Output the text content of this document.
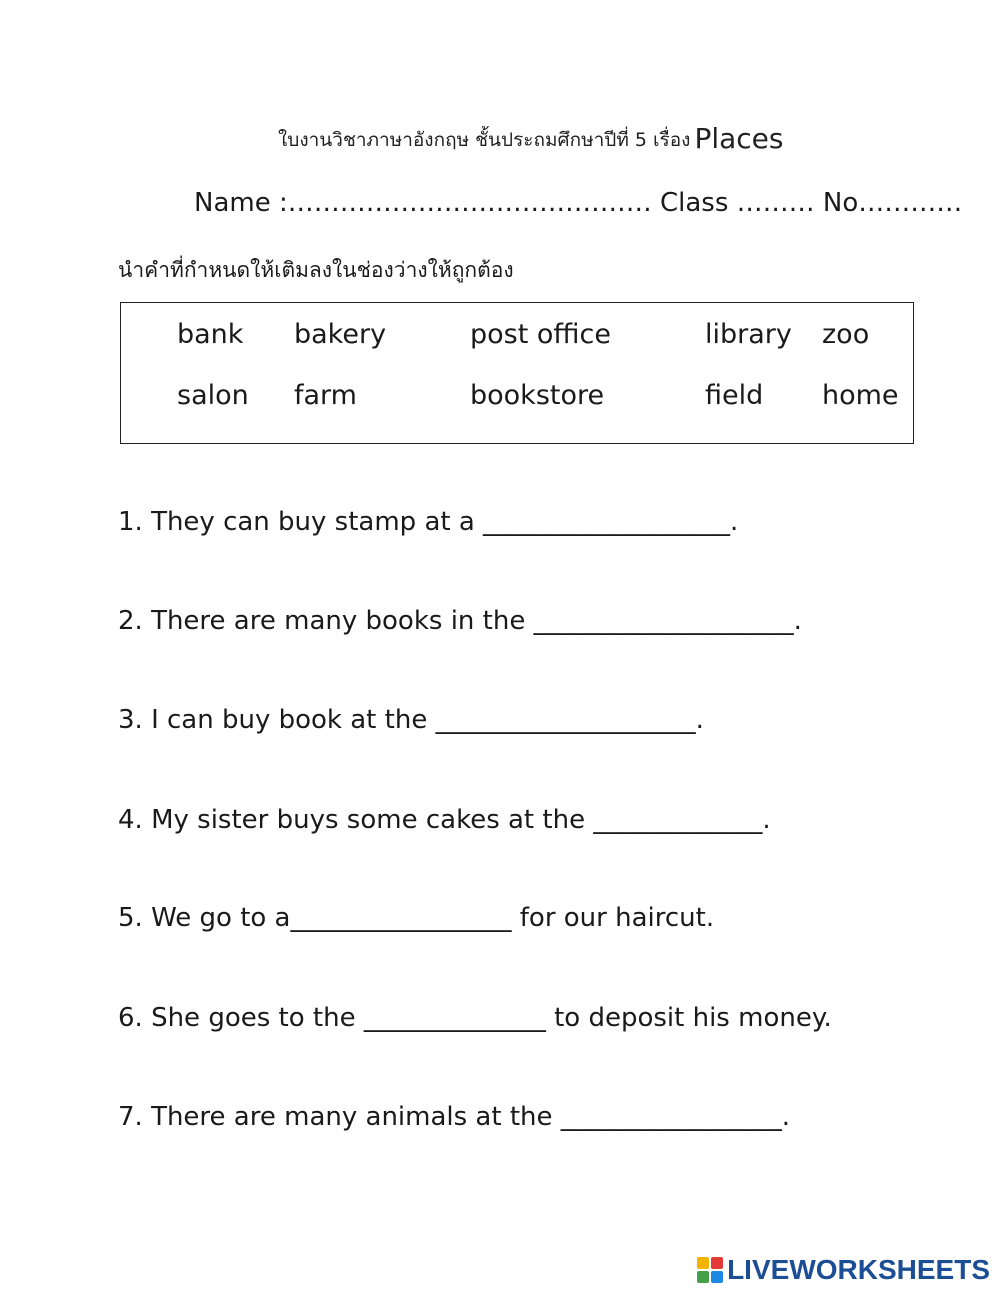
ใบงานวิชาภาษาอังกฤษ ชั้นประถมศึกษาปีที่ 5 เรื่อง Places
Name :…………………………………… Class ……… No…………
นำคำที่กำหนดให้เติมลงในช่องว่างให้ถูกต้อง
bank bakery	post office	library zoo
salon farm	bookstore	field home
1. They can buy stamp at a ___________________.
2. There are many books in the ____________________.
3. I can buy book at the ____________________.
4. My sister buys some cakes at the _____________.
5. We go to a_________________ for our haircut.
6. She goes to the ______________ to deposit his money.
7. There are many animals at the _________________.
LIVEWORKSHEETS
